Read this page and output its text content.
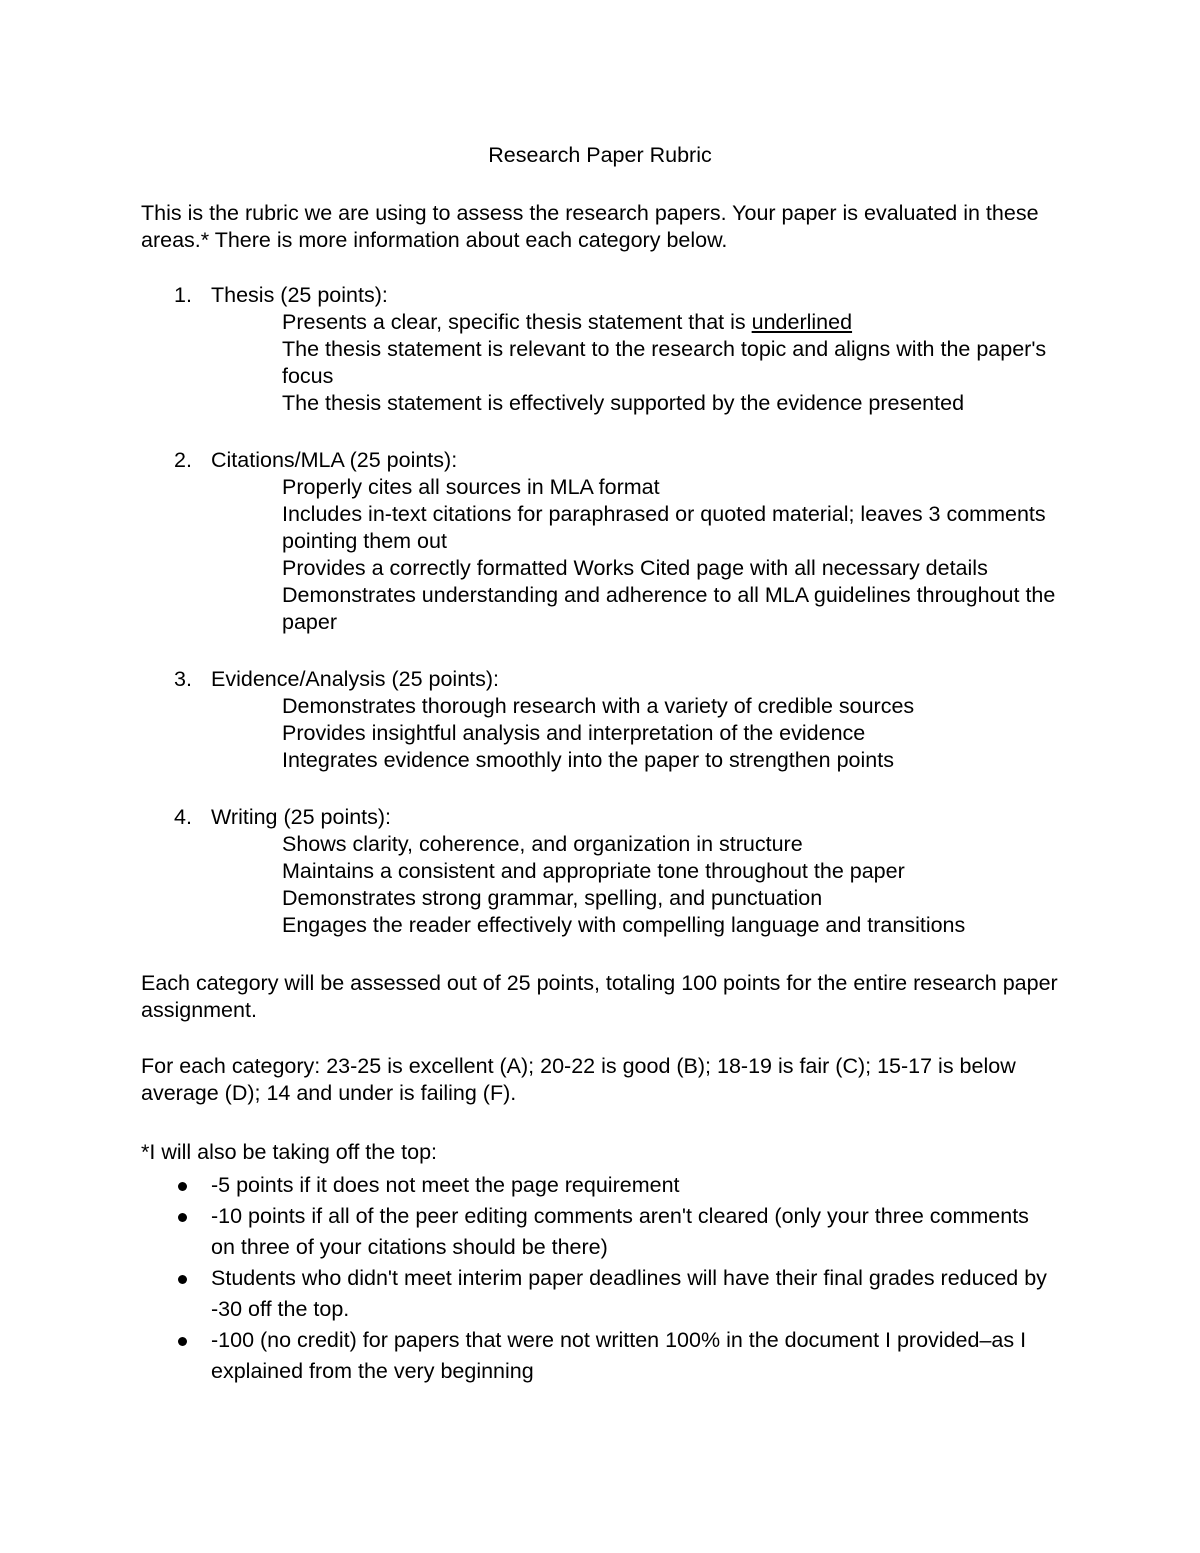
Research Paper Rubric
This is the rubric we are using to assess the research papers. Your paper is evaluated in these areas.* There is more information about each category below.
1. Thesis (25 points):
Presents a clear, specific thesis statement that is underlined
The thesis statement is relevant to the research topic and aligns with the paper's focus
The thesis statement is effectively supported by the evidence presented
2. Citations/MLA (25 points):
Properly cites all sources in MLA format
Includes in-text citations for paraphrased or quoted material; leaves 3 comments pointing them out
Provides a correctly formatted Works Cited page with all necessary details
Demonstrates understanding and adherence to all MLA guidelines throughout the paper
3. Evidence/Analysis (25 points):
Demonstrates thorough research with a variety of credible sources
Provides insightful analysis and interpretation of the evidence
Integrates evidence smoothly into the paper to strengthen points
4. Writing (25 points):
Shows clarity, coherence, and organization in structure
Maintains a consistent and appropriate tone throughout the paper
Demonstrates strong grammar, spelling, and punctuation
Engages the reader effectively with compelling language and transitions
Each category will be assessed out of 25 points, totaling 100 points for the entire research paper assignment.
For each category: 23-25 is excellent (A); 20-22 is good (B); 18-19 is fair (C); 15-17 is below average (D); 14 and under is failing (F).
*I will also be taking off the top:
-5 points if it does not meet the page requirement
-10 points if all of the peer editing comments aren't cleared (only your three comments on three of your citations should be there)
Students who didn't meet interim paper deadlines will have their final grades reduced by -30 off the top.
-100 (no credit) for papers that were not written 100% in the document I provided–as I explained from the very beginning
